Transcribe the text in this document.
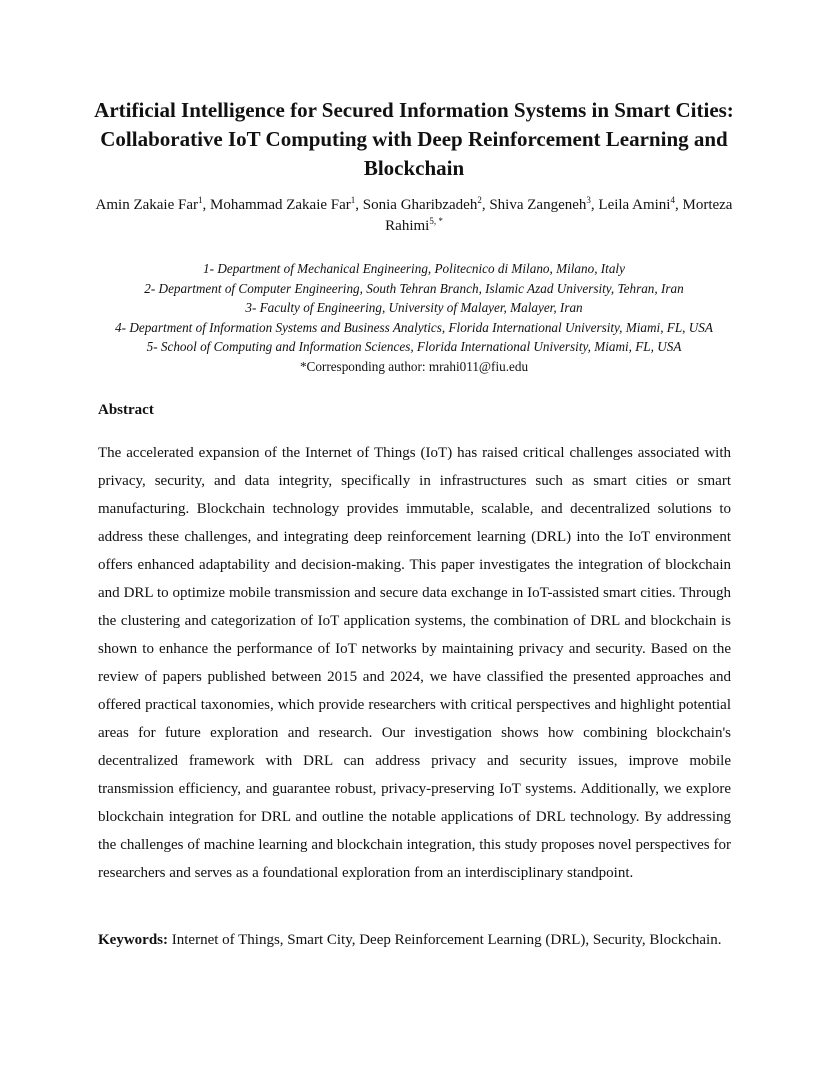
Artificial Intelligence for Secured Information Systems in Smart Cities: Collaborative IoT Computing with Deep Reinforcement Learning and Blockchain
Amin Zakaie Far$^1$, Mohammad Zakaie Far$^1$, Sonia Gharibzadeh$^2$, Shiva Zangeneh$^3$, Leila Amini$^4$, Morteza Rahimi$^{5, *}$
1- Department of Mechanical Engineering, Politecnico di Milano, Milano, Italy
2- Department of Computer Engineering, South Tehran Branch, Islamic Azad University, Tehran, Iran
3- Faculty of Engineering, University of Malayer, Malayer, Iran
4- Department of Information Systems and Business Analytics, Florida International University, Miami, FL, USA
5- School of Computing and Information Sciences, Florida International University, Miami, FL, USA
*Corresponding author: mrahi011@fiu.edu
Abstract

The accelerated expansion of the Internet of Things (IoT) has raised critical challenges associated with privacy, security, and data integrity, specifically in infrastructures such as smart cities or smart manufacturing. Blockchain technology provides immutable, scalable, and decentralized solutions to address these challenges, and integrating deep reinforcement learning (DRL) into the IoT environment offers enhanced adaptability and decision-making. This paper investigates the integration of blockchain and DRL to optimize mobile transmission and secure data exchange in IoT-assisted smart cities. Through the clustering and categorization of IoT application systems, the combination of DRL and blockchain is shown to enhance the performance of IoT networks by maintaining privacy and security. Based on the review of papers published between 2015 and 2024, we have classified the presented approaches and offered practical taxonomies, which provide researchers with critical perspectives and highlight potential areas for future exploration and research. Our investigation shows how combining blockchain's decentralized framework with DRL can address privacy and security issues, improve mobile transmission efficiency, and guarantee robust, privacy-preserving IoT systems. Additionally, we explore blockchain integration for DRL and outline the notable applications of DRL technology. By addressing the challenges of machine learning and blockchain integration, this study proposes novel perspectives for researchers and serves as a foundational exploration from an interdisciplinary standpoint.

Keywords: Internet of Things, Smart City, Deep Reinforcement Learning (DRL), Security, Blockchain.
